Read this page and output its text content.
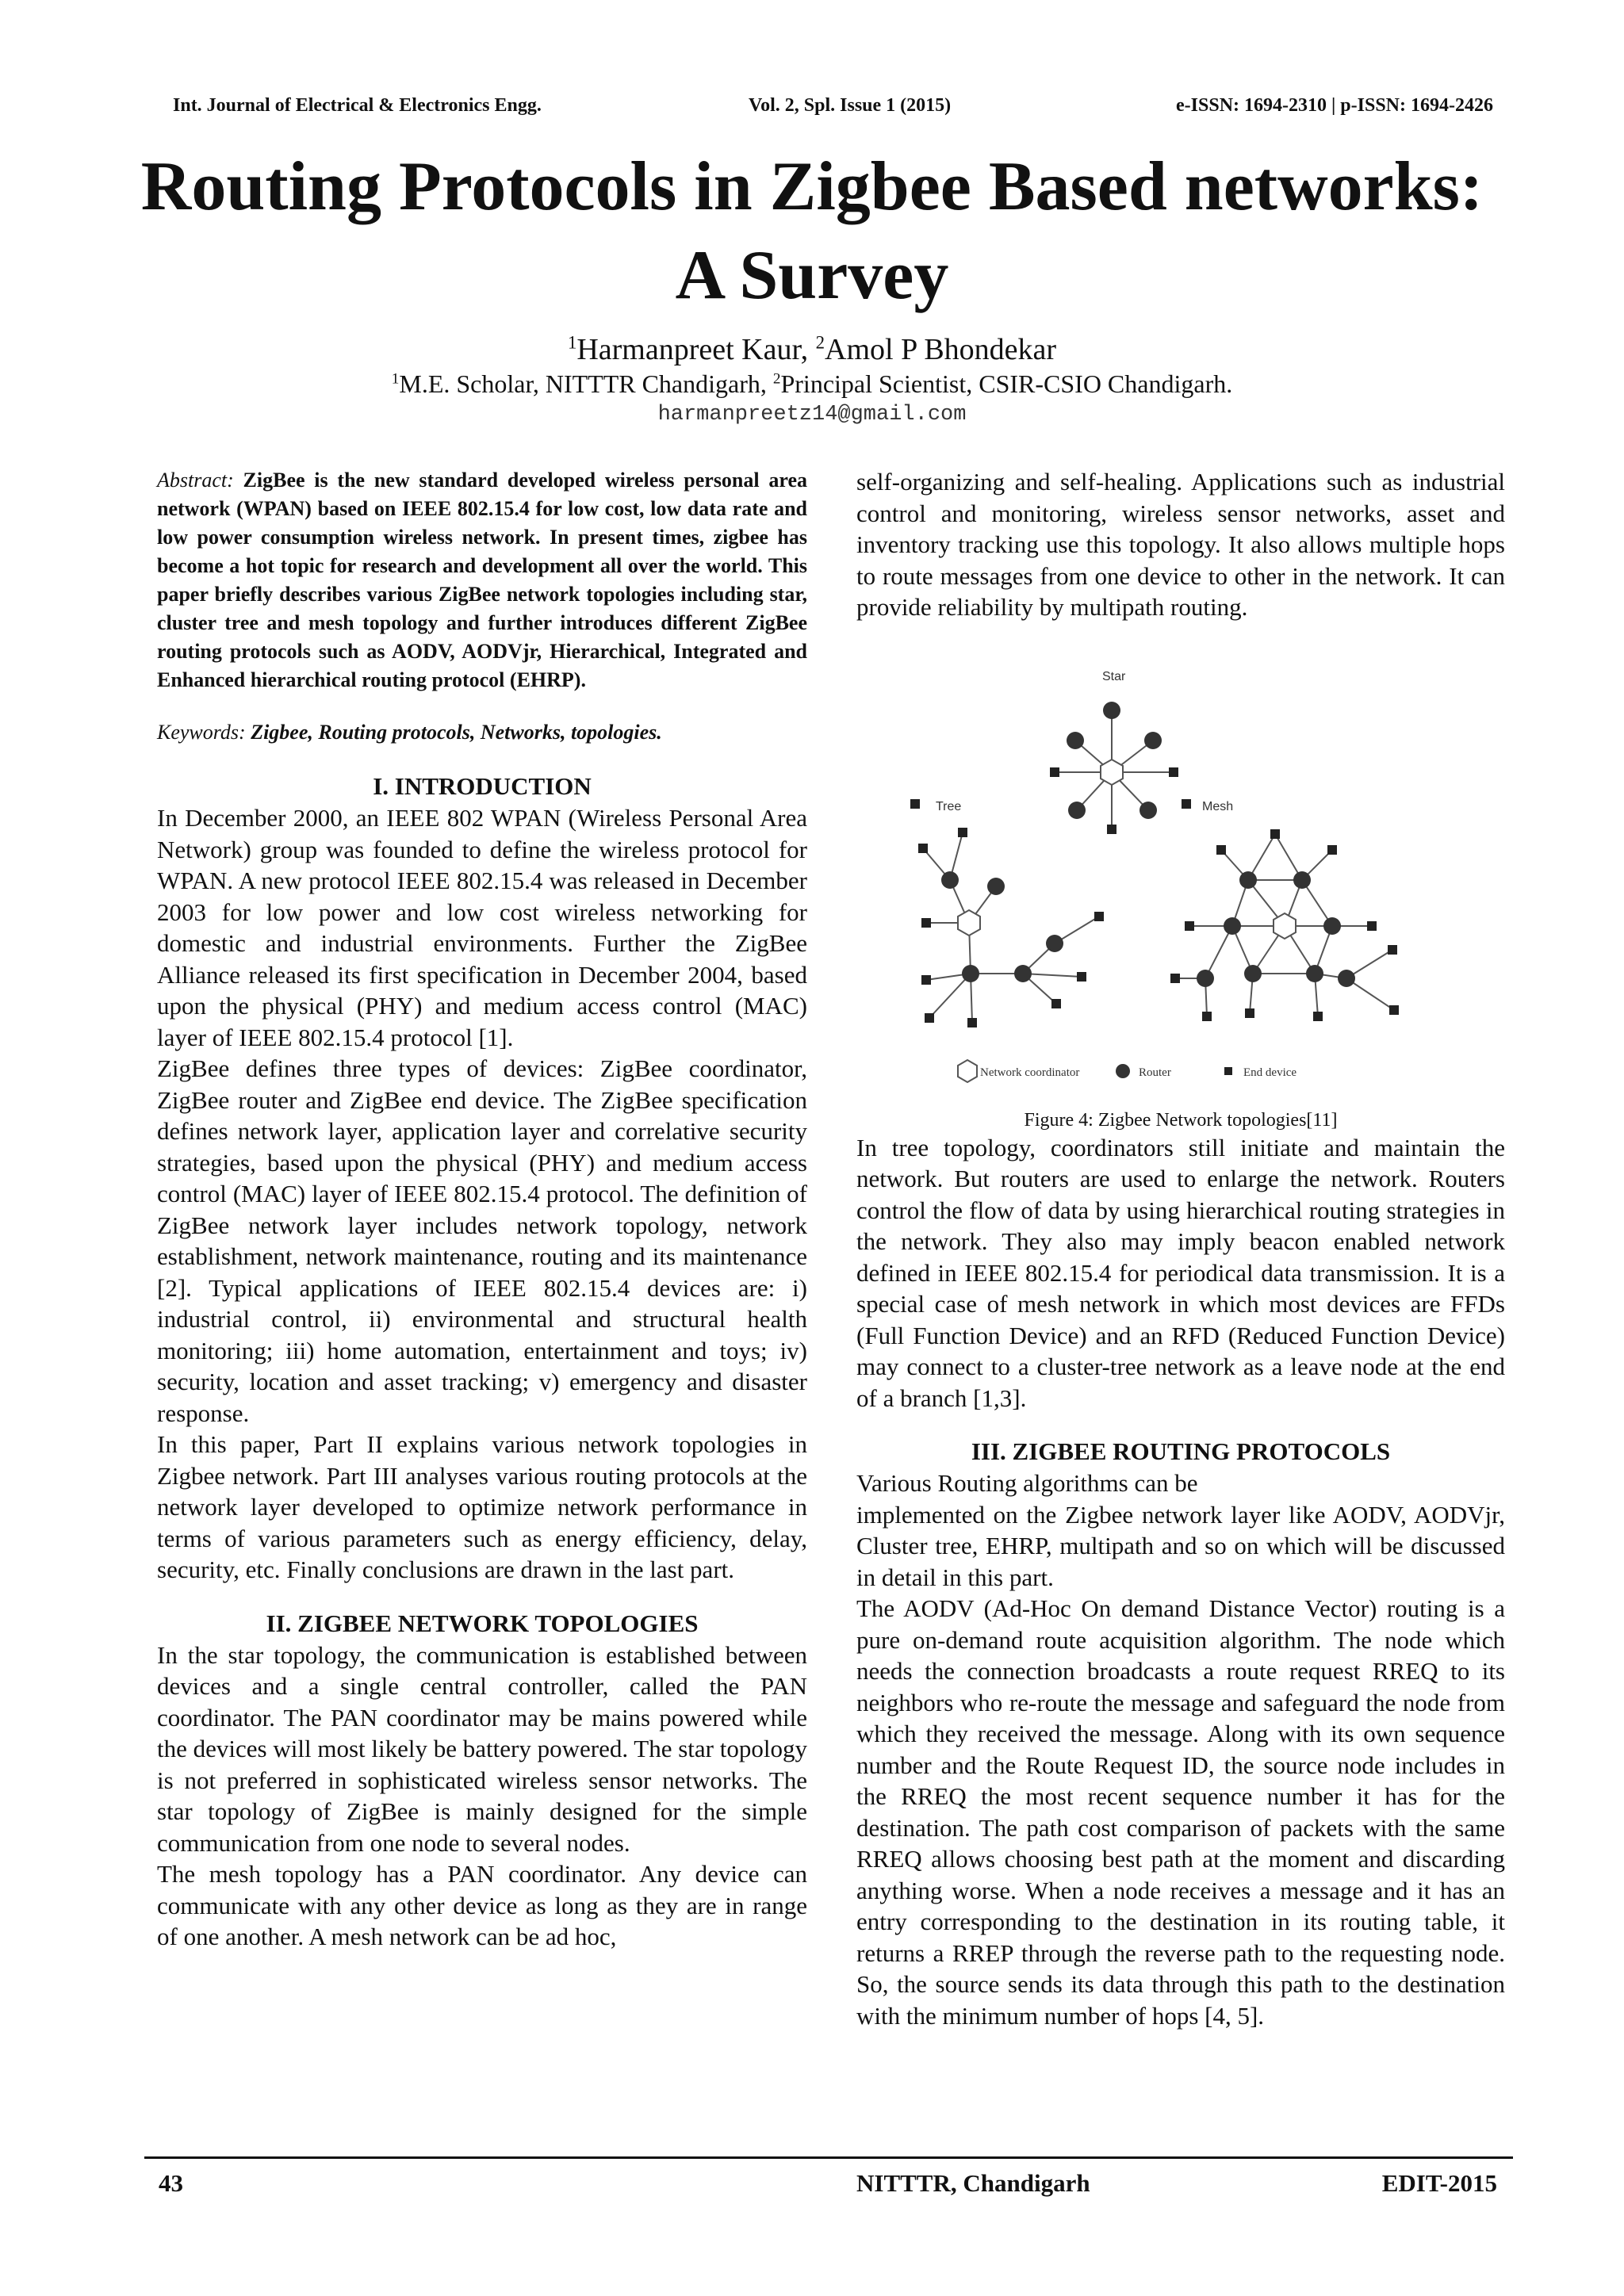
Int. Journal of Electrical & Electronics Engg.	Vol. 2, Spl. Issue 1 (2015)	e-ISSN: 1694-2310 | p-ISSN: 1694-2426
Routing Protocols in Zigbee Based networks:
A Survey
$^1$Harmanpreet Kaur, $^2$Amol P Bhondekar
$^1$M.E. Scholar, NITTTR Chandigarh, $^2$Principal Scientist, CSIR-CSIO Chandigarh.
harmanpreetz14@gmail.com

Abstract: ZigBee is the new standard developed wireless personal area network (WPAN) based on IEEE 802.15.4 for low cost, low data rate and low power consumption wireless network. In present times, zigbee has become a hot topic for research and development all over the world. This paper briefly describes various ZigBee network topologies including star, cluster tree and mesh topology and further introduces different ZigBee routing protocols such as AODV, AODVjr, Hierarchical, Integrated and Enhanced hierarchical routing protocol (EHRP).

Keywords: Zigbee, Routing protocols, Networks, topologies.

I. INTRODUCTION

In December 2000, an IEEE 802 WPAN (Wireless Personal Area Network) group was founded to define the wireless protocol for WPAN. A new protocol IEEE 802.15.4 was released in December 2003 for low power and low cost wireless networking for domestic and industrial environments. Further the ZigBee Alliance released its first specification in December 2004, based upon the physical (PHY) and medium access control (MAC) layer of IEEE 802.15.4 protocol [1].

ZigBee defines three types of devices: ZigBee coordinator, ZigBee router and ZigBee end device. The ZigBee specification defines network layer, application layer and correlative security strategies, based upon the physical (PHY) and medium access control (MAC) layer of IEEE 802.15.4 protocol. The definition of ZigBee network layer includes network topology, network establishment, network maintenance, routing and its maintenance [2]. Typical applications of IEEE 802.15.4 devices are: i) industrial control, ii) environmental and structural health monitoring; iii) home automation, entertainment and toys; iv) security, location and asset tracking; v) emergency and disaster response.

In this paper, Part II explains various network topologies in Zigbee network. Part III analyses various routing protocols at the network layer developed to optimize network performance in terms of various parameters such as energy efficiency, delay, security, etc. Finally conclusions are drawn in the last part.

II. ZIGBEE NETWORK TOPOLOGIES

In the star topology, the communication is established between devices and a single central controller, called the PAN coordinator. The PAN coordinator may be mains powered while the devices will most likely be battery powered. The star topology is not preferred in sophisticated wireless sensor networks. The star topology of ZigBee is mainly designed for the simple communication from one node to several nodes.

The mesh topology has a PAN coordinator. Any device can communicate with any other device as long as they are in range of one another. A mesh network can be ad hoc,

self-organizing and self-healing. Applications such as industrial control and monitoring, wireless sensor networks, asset and inventory tracking use this topology. It also allows multiple hops to route messages from one device to other in the network. It can provide reliability by multipath routing.

Star
Tree	Mesh
Network coordinator	Router	End device
Figure 4: Zigbee Network topologies[11]

In tree topology, coordinators still initiate and maintain the network. But routers are used to enlarge the network. Routers control the flow of data by using hierarchical routing strategies in the network. They also may imply beacon enabled network defined in IEEE 802.15.4 for periodical data transmission. It is a special case of mesh network in which most devices are FFDs (Full Function Device) and an RFD (Reduced Function Device) may connect to a cluster-tree network as a leave node at the end of a branch [1,3].

III. ZIGBEE ROUTING PROTOCOLS

Various Routing algorithms can be

implemented on the Zigbee network layer like AODV, AODVjr, Cluster tree, EHRP, multipath and so on which will be discussed in detail in this part.

The AODV (Ad-Hoc On demand Distance Vector) routing is a pure on-demand route acquisition algorithm. The node which needs the connection broadcasts a route request RREQ to its neighbors who re-route the message and safeguard the node from which they received the message. Along with its own sequence number and the Route Request ID, the source node includes in the RREQ the most recent sequence number it has for the destination. The path cost comparison of packets with the same RREQ allows choosing best path at the moment and discarding anything worse. When a node receives a message and it has an entry corresponding to the destination in its routing table, it returns a RREP through the reverse path to the requesting node. So, the source sends its data through this path to the destination with the minimum number of hops [4, 5].

43	NITTTR, Chandigarh	EDIT-2015
